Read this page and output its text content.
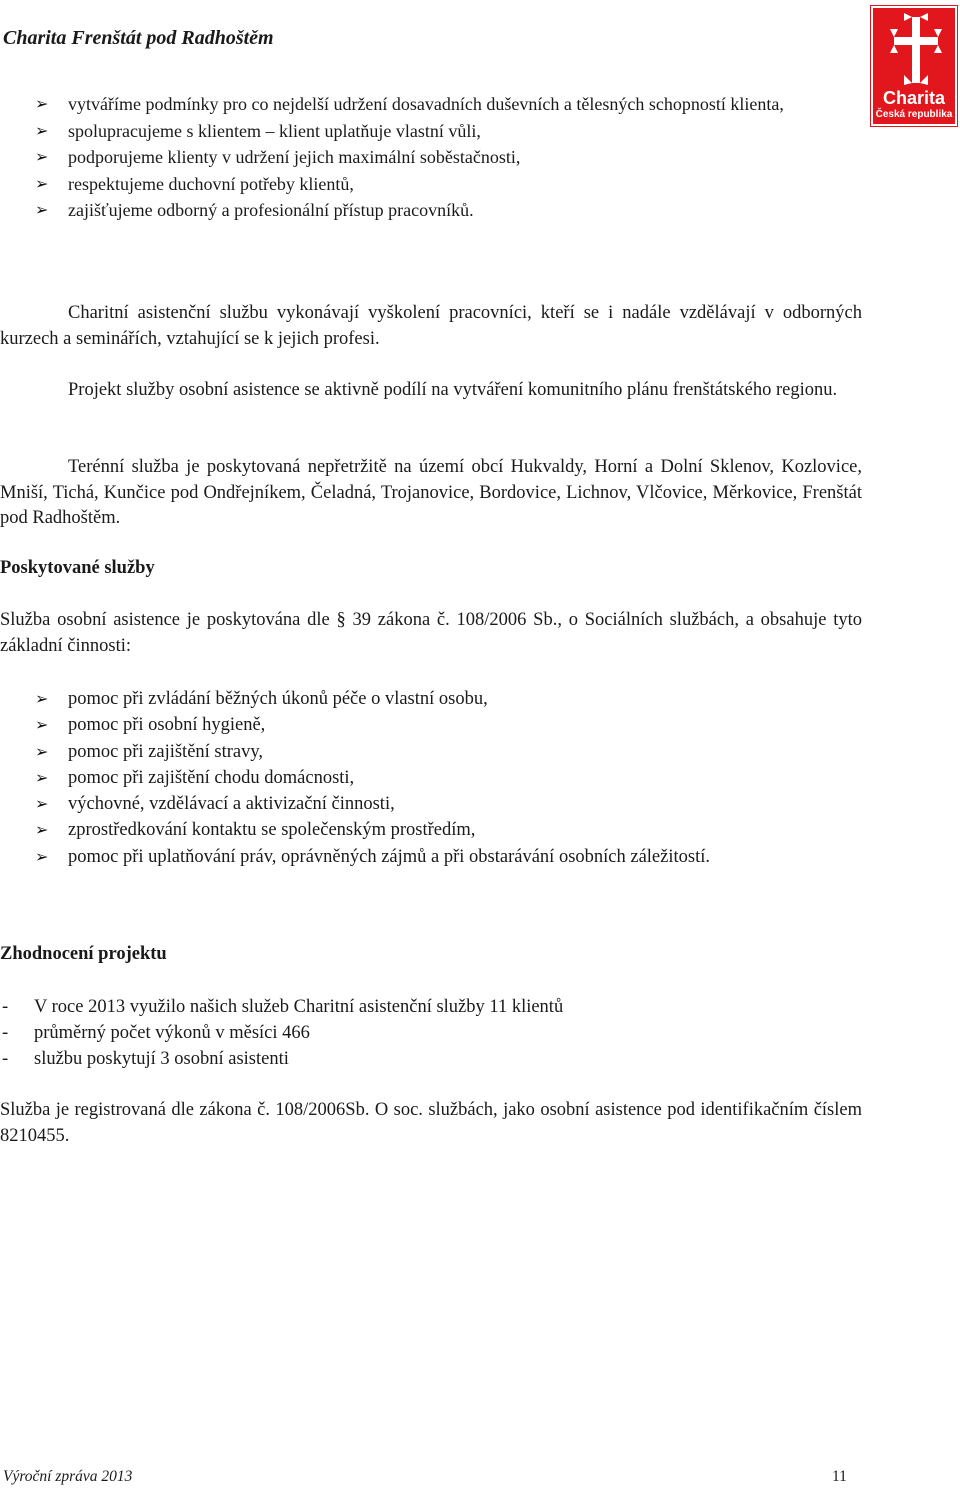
Charita Frenštát pod Radhoštěm
Charita
Česká republika
➢ vytváříme podmínky pro co nejdelší udržení dosavadních duševních a tělesných schopností klienta,
➢ spolupracujeme s klientem – klient uplatňuje vlastní vůli,
➢ podporujeme klienty v udržení jejich maximální soběstačnosti,
➢ respektujeme duchovní potřeby klientů,
➢ zajišťujeme odborný a profesionální přístup pracovníků.

Charitní asistenční službu vykonávají vyškolení pracovníci, kteří se i nadále vzdělávají v odborných kurzech a seminářích, vztahující se k jejich profesi.

Projekt služby osobní asistence se aktivně podílí na vytváření komunitního plánu frenštátského regionu.

Terénní služba je poskytovaná nepřetržitě na území obcí Hukvaldy, Horní a Dolní Sklenov, Kozlovice, Mniší, Tichá, Kunčice pod Ondřejníkem, Čeladná, Trojanovice, Bordovice, Lichnov, Vlčovice, Měrkovice, Frenštát pod Radhoštěm.

Poskytované služby

Služba osobní asistence je poskytována dle § 39 zákona č. 108/2006 Sb., o Sociálních službách, a obsahuje tyto základní činnosti:

➢ pomoc při zvládání běžných úkonů péče o vlastní osobu,
➢ pomoc při osobní hygieně,
➢ pomoc při zajištění stravy,
➢ pomoc při zajištění chodu domácnosti,
➢ výchovné, vzdělávací a aktivizační činnosti,
➢ zprostředkování kontaktu se společenským prostředím,
➢ pomoc při uplatňování práv, oprávněných zájmů a při obstarávání osobních záležitostí.
Zhodnocení projektu
- V roce 2013 využilo našich služeb Charitní asistenční služby 11 klientů
- průměrný počet výkonů v měsíci 466
- službu poskytují 3 osobní asistenti

Služba je registrovaná dle zákona č. 108/2006Sb. O soc. službách, jako osobní asistence pod identifikačním číslem 8210455.

Výroční zpráva 2013	11
